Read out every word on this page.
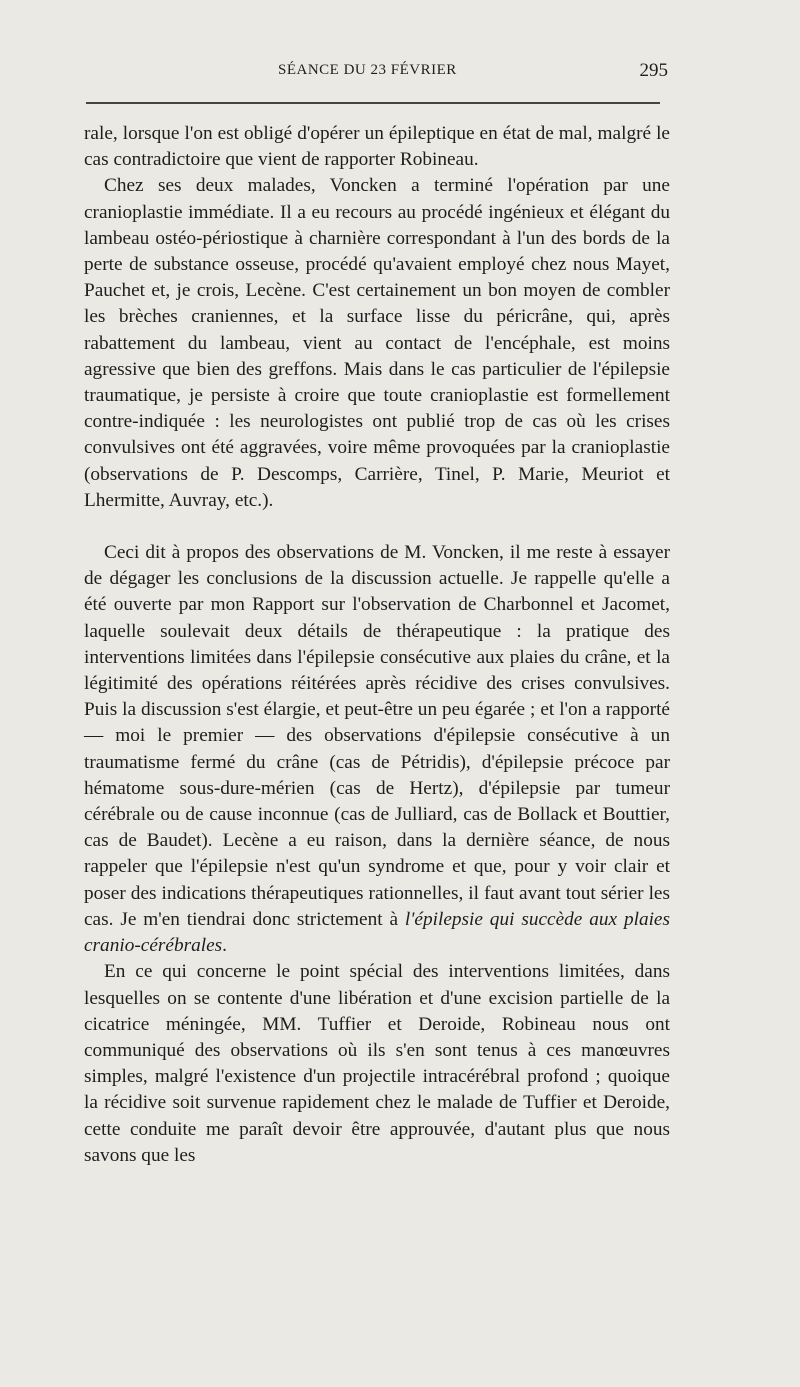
SÉANCE DU 23 FÉVRIER	295

rale, lorsque l'on est obligé d'opérer un épileptique en état de mal, malgré le cas contradictoire que vient de rapporter Robineau.

Chez ses deux malades, Voncken a terminé l'opération par une cranioplastie immédiate. Il a eu recours au procédé ingénieux et élégant du lambeau ostéo-périostique à charnière correspondant à l'un des bords de la perte de substance osseuse, procédé qu'avaient employé chez nous Mayet, Pauchet et, je crois, Lecène. C'est certainement un bon moyen de combler les brèches craniennes, et la surface lisse du péricrâne, qui, après rabattement du lambeau, vient au contact de l'encéphale, est moins agressive que bien des greffons. Mais dans le cas particulier de l'épilepsie traumatique, je persiste à croire que toute cranioplastie est formellement contre-indiquée : les neurologistes ont publié trop de cas où les crises convulsives ont été aggravées, voire même provoquées par la cranioplastie (observations de P. Descomps, Carrière, Tinel, P. Marie, Meuriot et Lhermitte, Auvray, etc.).

Ceci dit à propos des observations de M. Voncken, il me reste à essayer de dégager les conclusions de la discussion actuelle. Je rappelle qu'elle a été ouverte par mon Rapport sur l'observation de Charbonnel et Jacomet, laquelle soulevait deux détails de thérapeutique : la pratique des interventions limitées dans l'épilepsie consécutive aux plaies du crâne, et la légitimité des opérations réitérées après récidive des crises convulsives. Puis la discussion s'est élargie, et peut-être un peu égarée ; et l'on a rapporté — moi le premier — des observations d'épilepsie consécutive à un traumatisme fermé du crâne (cas de Pétridis), d'épilepsie précoce par hématome sous-dure-mérien (cas de Hertz), d'épilepsie par tumeur cérébrale ou de cause inconnue (cas de Julliard, cas de Bollack et Bouttier, cas de Baudet). Lecène a eu raison, dans la dernière séance, de nous rappeler que l'épilepsie n'est qu'un syndrome et que, pour y voir clair et poser des indications thérapeutiques rationnelles, il faut avant tout sérier les cas. Je m'en tiendrai donc strictement à l'épilepsie qui succède aux plaies cranio-cérébrales.

En ce qui concerne le point spécial des interventions limitées, dans lesquelles on se contente d'une libération et d'une excision partielle de la cicatrice méningée, MM. Tuffier et Deroide, Robineau nous ont communiqué des observations où ils s'en sont tenus à ces manœuvres simples, malgré l'existence d'un projectile intracérébral profond ; quoique la récidive soit survenue rapidement chez le malade de Tuffier et Deroide, cette conduite me paraît devoir être approuvée, d'autant plus que nous savons que les
